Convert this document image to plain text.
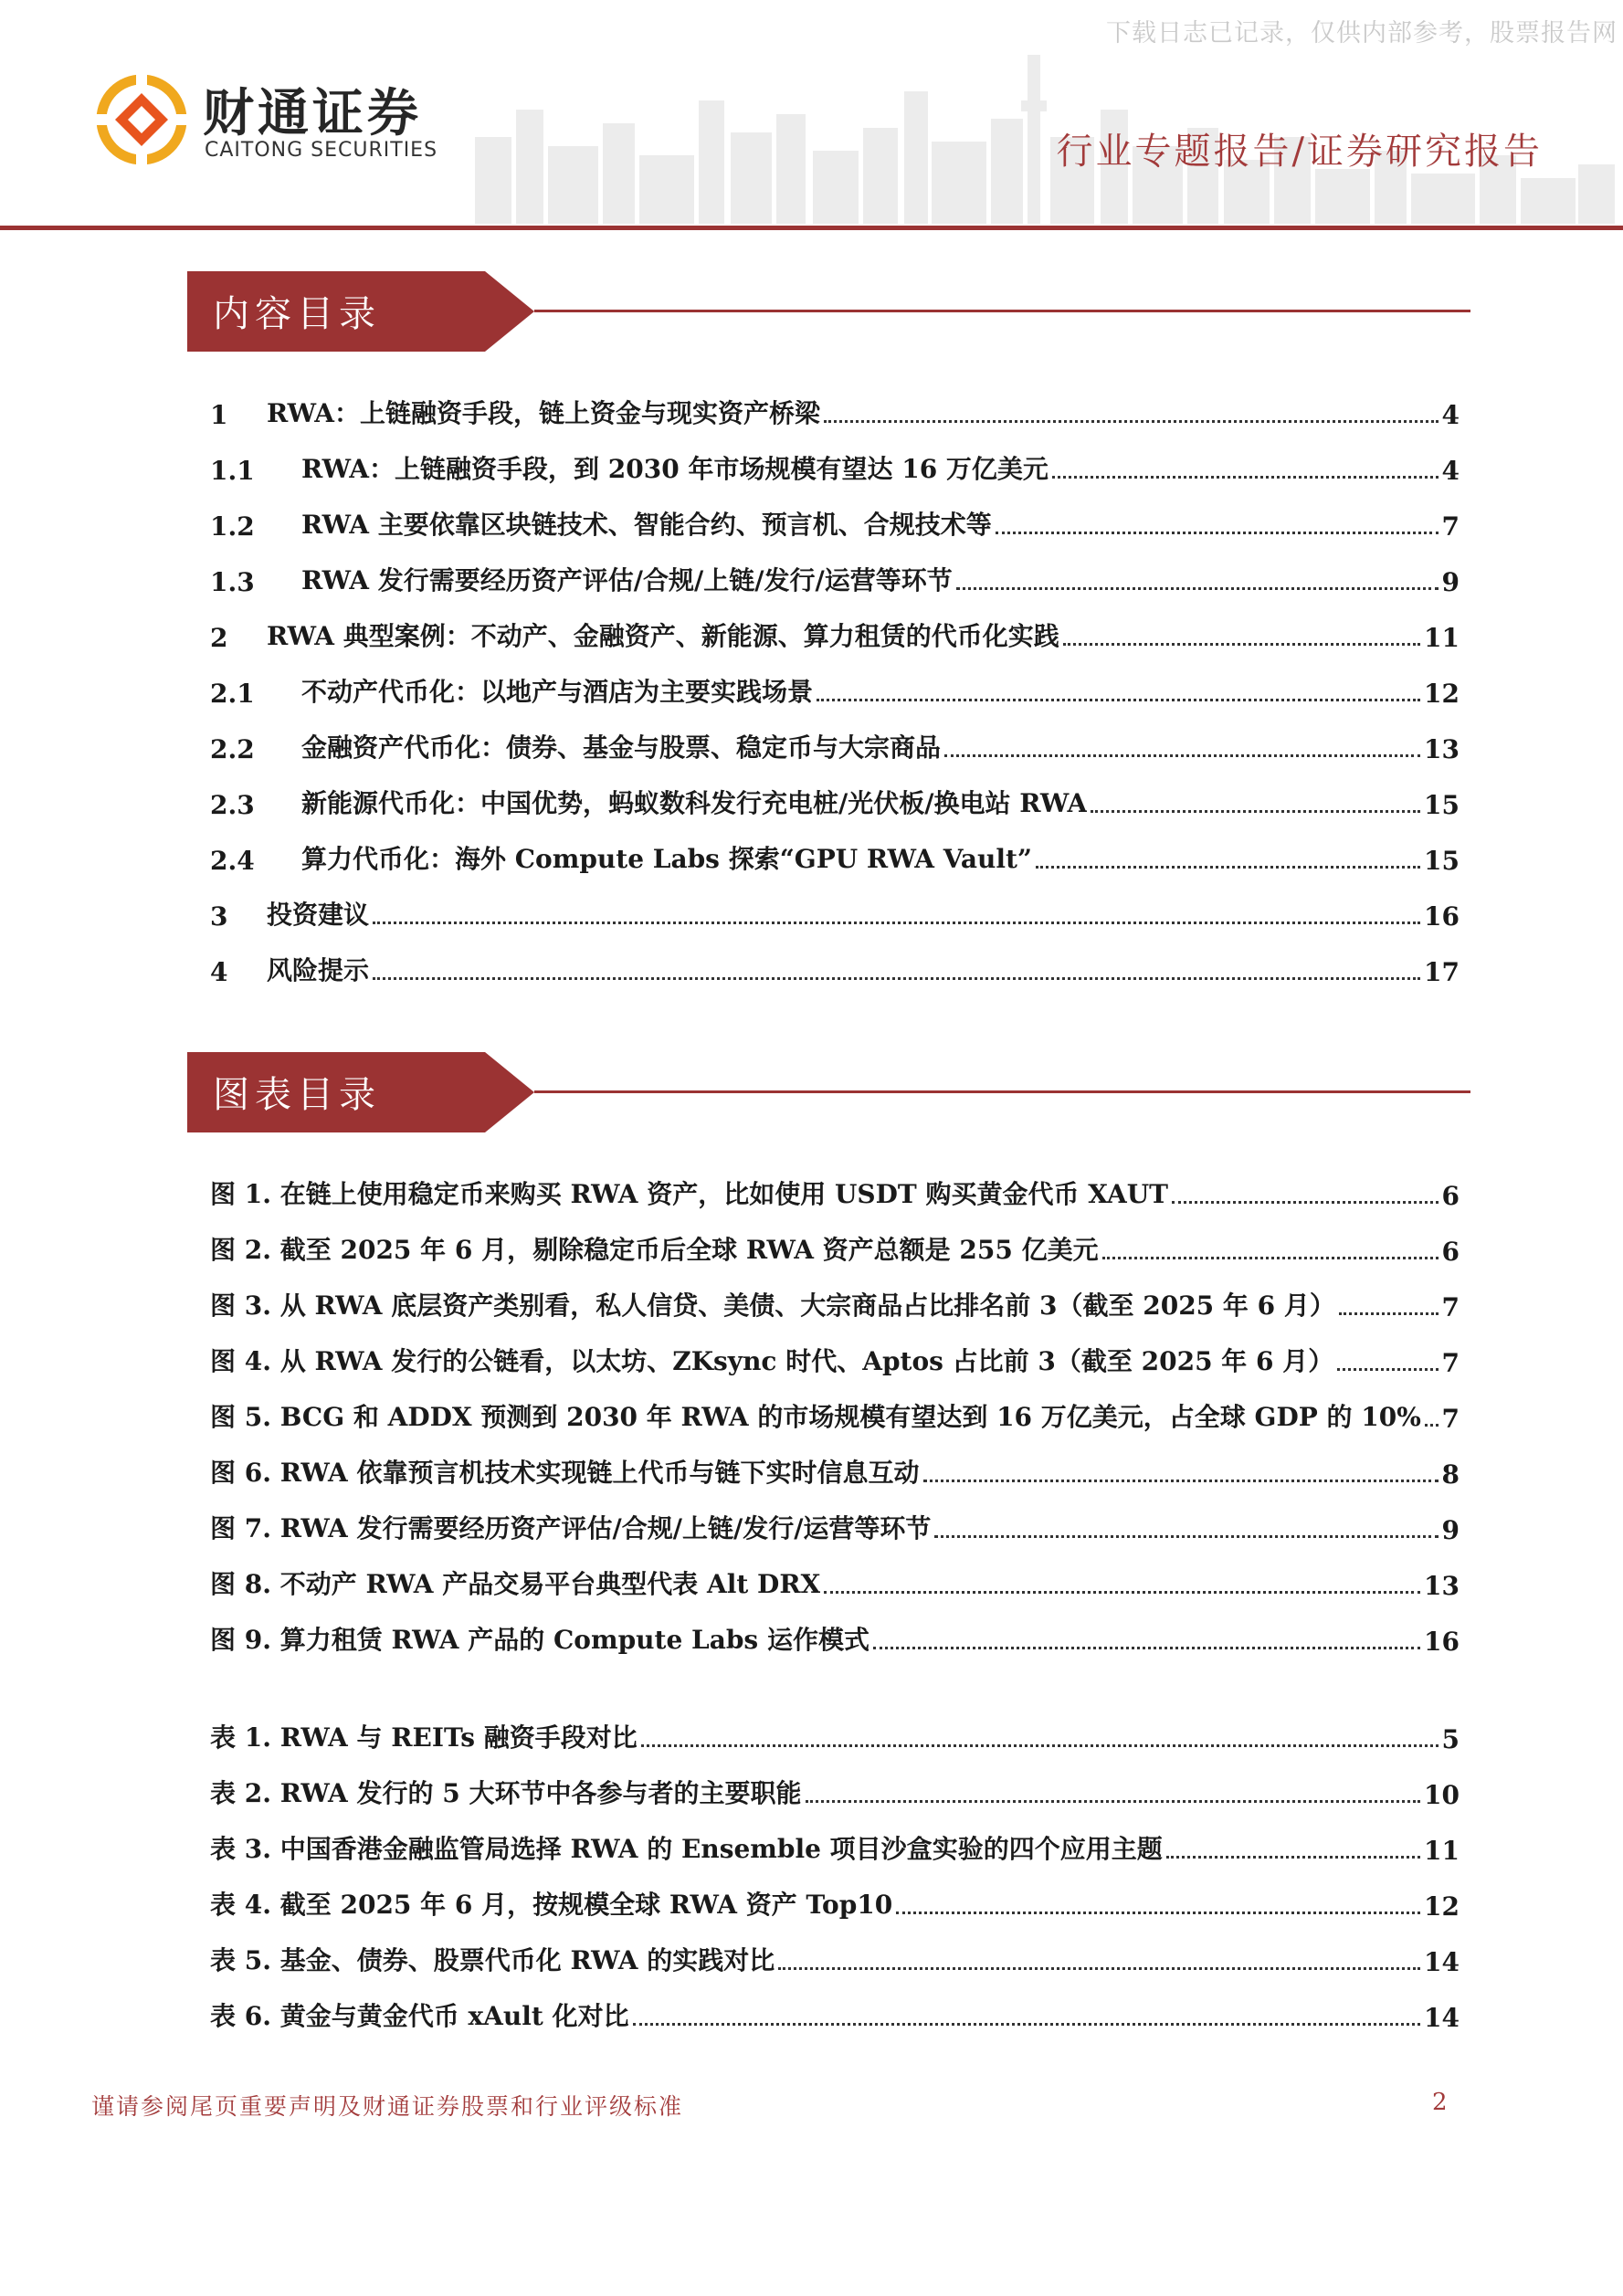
下载日志已记录，仅供内部参考，股票报告网
财通证券
CAITONG SECURITIES	行业专题报告/证券研究报告
内容目录
1	RWA：上链融资手段，链上资金与现实资产桥梁	4
1.1	RWA：上链融资手段，到 2030 年市场规模有望达 16 万亿美元	4
1.2	RWA 主要依靠区块链技术、智能合约、预言机、合规技术等	7
1.3	RWA 发行需要经历资产评估/合规/上链/发行/运营等环节	9
2	RWA 典型案例：不动产、金融资产、新能源、算力租赁的代币化实践	11
2.1	不动产代币化：以地产与酒店为主要实践场景	12
2.2	金融资产代币化：债券、基金与股票、稳定币与大宗商品	13
2.3	新能源代币化：中国优势，蚂蚁数科发行充电桩/光伏板/换电站 RWA	15
2.4	算力代币化：海外 Compute Labs 探索“GPU RWA Vault”	15
3	投资建议	16
4	风险提示	17
图表目录
图 1. 在链上使用稳定币来购买 RWA 资产，比如使用 USDT 购买黄金代币 XAUT	6
图 2. 截至 2025 年 6 月，剔除稳定币后全球 RWA 资产总额是 255 亿美元	6
图 3. 从 RWA 底层资产类别看，私人信贷、美债、大宗商品占比排名前 3（截至 2025 年 6 月）	7
图 4. 从 RWA 发行的公链看，以太坊、ZKsync 时代、Aptos 占比前 3（截至 2025 年 6 月）	7
图 5. BCG 和 ADDX 预测到 2030 年 RWA 的市场规模有望达到 16 万亿美元，占全球 GDP 的 10% 7
图 6. RWA 依靠预言机技术实现链上代币与链下实时信息互动	8
图 7. RWA 发行需要经历资产评估/合规/上链/发行/运营等环节	9
图 8. 不动产 RWA 产品交易平台典型代表 Alt DRX	13
图 9. 算力租赁 RWA 产品的 Compute Labs 运作模式	16
表 1. RWA 与 REITs 融资手段对比	5
表 2. RWA 发行的 5 大环节中各参与者的主要职能	10
表 3. 中国香港金融监管局选择 RWA 的 Ensemble 项目沙盒实验的四个应用主题	11
表 4. 截至 2025 年 6 月，按规模全球 RWA 资产 Top10	12
表 5. 基金、债券、股票代币化 RWA 的实践对比	14
表 6. 黄金与黄金代币 xAult 化对比	14
谨请参阅尾页重要声明及财通证券股票和行业评级标准	2
